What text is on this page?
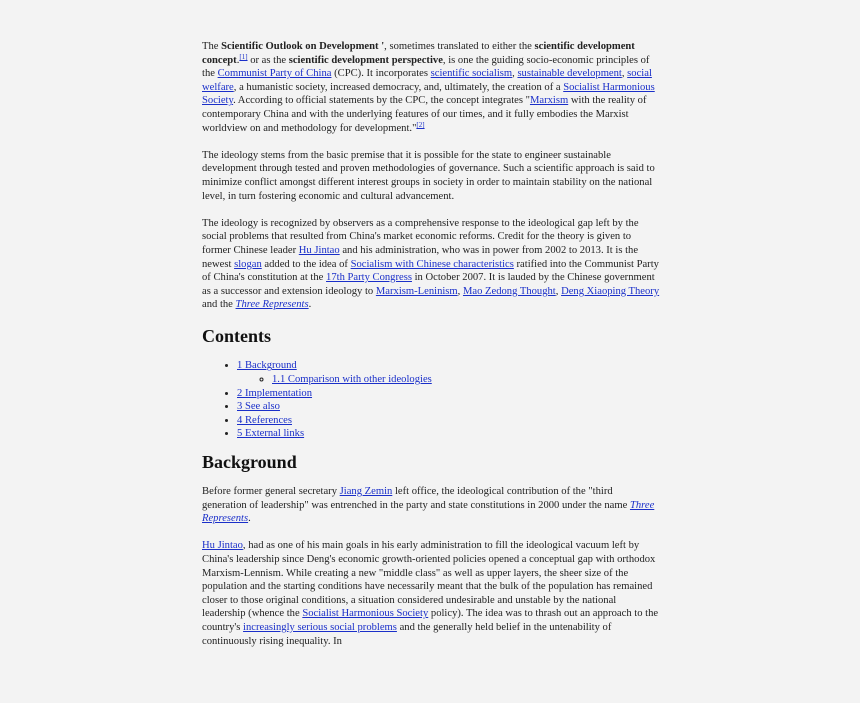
The Scientific Outlook on Development ', sometimes translated to either the scientific development concept.[1] or as the scientific development perspective, is one the guiding socio-economic principles of the Communist Party of China (CPC). It incorporates scientific socialism, sustainable development, social welfare, a humanistic society, increased democracy, and, ultimately, the creation of a Socialist Harmonious Society. According to official statements by the CPC, the concept integrates "Marxism with the reality of contemporary China and with the underlying features of our times, and it fully embodies the Marxist worldview on and methodology for development."[2]

The ideology stems from the basic premise that it is possible for the state to engineer sustainable development through tested and proven methodologies of governance. Such a scientific approach is said to minimize conflict amongst different interest groups in society in order to maintain stability on the national level, in turn fostering economic and cultural advancement.

The ideology is recognized by observers as a comprehensive response to the ideological gap left by the social problems that resulted from China's market economic reforms. Credit for the theory is given to former Chinese leader Hu Jintao and his administration, who was in power from 2002 to 2013. It is the newest slogan added to the idea of Socialism with Chinese characteristics ratified into the Communist Party of China's constitution at the 17th Party Congress in October 2007. It is lauded by the Chinese government as a successor and extension ideology to Marxism-Leninism, Mao Zedong Thought, Deng Xiaoping Theory and the Three Represents.

Contents
• 1 Background
◦ 1.1 Comparison with other ideologies
• 2 Implementation
• 3 See also
• 4 References
• 5 External links
Background

Before former general secretary Jiang Zemin left office, the ideological contribution of the "third generation of leadership" was entrenched in the party and state constitutions in 2000 under the name Three Represents.

Hu Jintao, had as one of his main goals in his early administration to fill the ideological vacuum left by China's leadership since Deng's economic growth-oriented policies opened a conceptual gap with orthodox Marxism-Lennism. While creating a new "middle class" as well as upper layers, the sheer size of the population and the starting conditions have necessarily meant that the bulk of the population has remained closer to those original conditions, a situation considered undesirable and unstable by the national leadership (whence the Socialist Harmonious Society policy). The idea was to thrash out an approach to the country's increasingly serious social problems and the generally held belief in the untenability of continuously rising inequality. In
